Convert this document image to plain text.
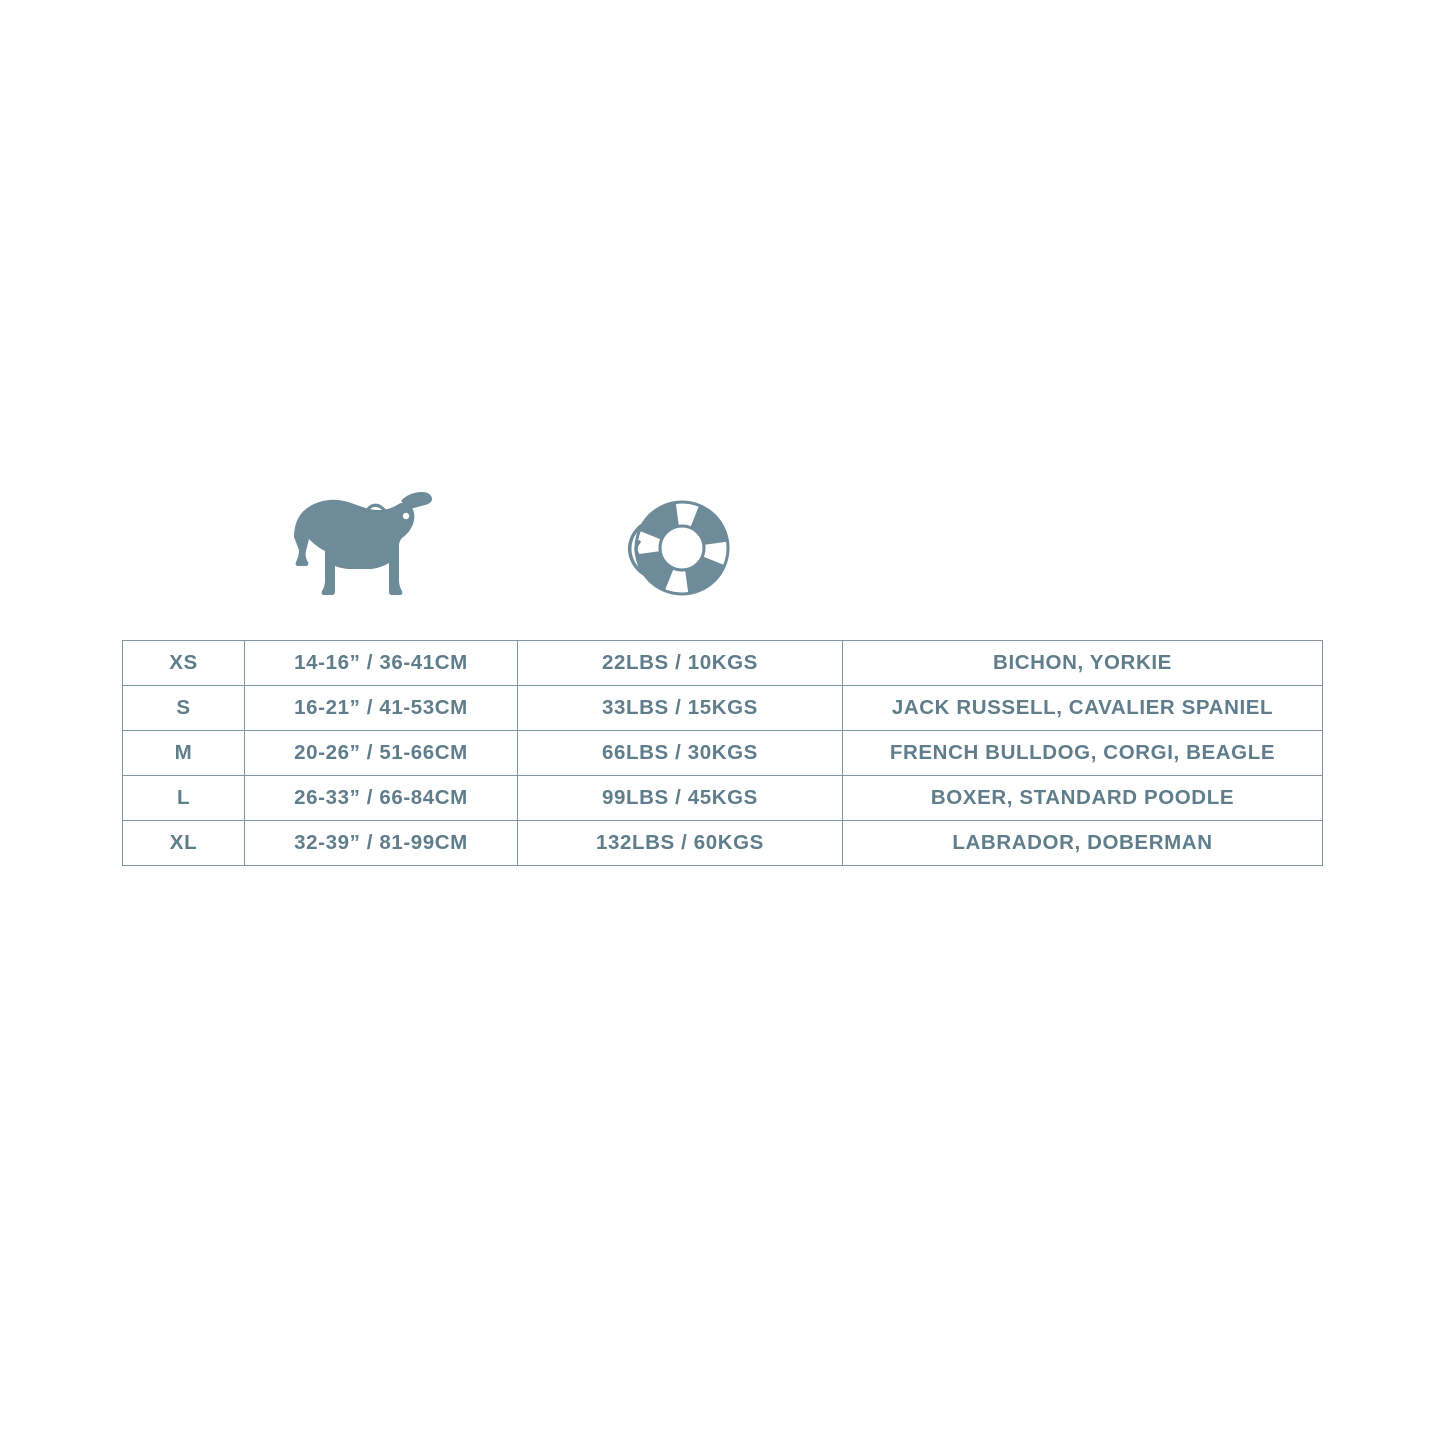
XS	14-16” / 36-41CM	22LBS / 10KGS	BICHON, YORKIE
S	16-21” / 41-53CM	33LBS / 15KGS	JACK RUSSELL, CAVALIER SPANIEL
M	20-26” / 51-66CM	66LBS / 30KGS	FRENCH BULLDOG, CORGI, BEAGLE
L	26-33” / 66-84CM	99LBS / 45KGS	BOXER, STANDARD POODLE
XL	32-39” / 81-99CM	132LBS / 60KGS	LABRADOR, DOBERMAN
